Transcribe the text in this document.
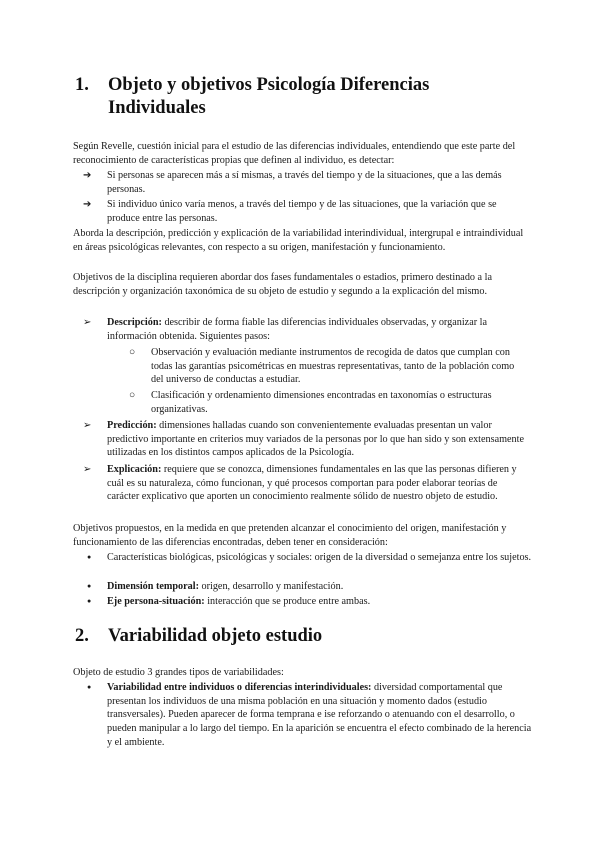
1. Objeto y objetivos Psicología Diferencias Individuales

Según Revelle, cuestión inicial para el estudio de las diferencias individuales, entendiendo que este parte del reconocimiento de características propias que definen al individuo, es detectar:

➔ Si personas se aparecen más a sí mismas, a través del tiempo y de la situaciones, que a las demás personas.
➔ Si individuo único varía menos, a través del tiempo y de las situaciones, que la variación que se produce entre las personas.

Aborda la descripción, predicción y explicación de la variabilidad interindividual, intergrupal e intraindividual en áreas psicológicas relevantes, con respecto a su origen, manifestación y funcionamiento.

Objetivos de la disciplina requieren abordar dos fases fundamentales o estadios, primero destinado a la descripción y organización taxonómica de su objeto de estudio y segundo a la explicación del mismo.

➢ Descripción: describir de forma fiable las diferencias individuales observadas, y organizar la información obtenida. Siguientes pasos:
○ Observación y evaluación mediante instrumentos de recogida de datos que cumplan con todas las garantías psicométricas en muestras representativas, tanto de la población como del universo de conductas a estudiar.
○ Clasificación y ordenamiento dimensiones encontradas en taxonomías o estructuras organizativas.
➢ Predicción: dimensiones halladas cuando son convenientemente evaluadas presentan un valor predictivo importante en criterios muy variados de la personas por lo que han sido y son extensamente utilizadas en los distintos campos aplicados de la Psicología.
➢ Explicación: requiere que se conozca, dimensiones fundamentales en las que las personas difieren y cuál es su naturaleza, cómo funcionan, y qué procesos comportan para poder elaborar teorías de carácter explicativo que aporten un conocimiento realmente sólido de nuestro objeto de estudio.

Objetivos propuestos, en la medida en que pretenden alcanzar el conocimiento del origen, manifestación y funcionamiento de las diferencias encontradas, deben tener en consideración:

● Características biológicas, psicológicas y sociales: origen de la diversidad o semejanza entre los sujetos.
● Dimensión temporal: origen, desarrollo y manifestación.
● Eje persona-situación: interacción que se produce entre ambas.
2. Variabilidad objeto estudio

Objeto de estudio 3 grandes tipos de variabilidades:

● Variabilidad entre individuos o diferencias interindividuales: diversidad comportamental que presentan los individuos de una misma población en una situación y momento dados (estudio transversales). Pueden aparecer de forma temprana e ise reforzando o atenuando con el desarrollo, o pueden manipular a lo largo del tiempo. En la aparición se encuentra el efecto combinado de la herencia y el ambiente.
